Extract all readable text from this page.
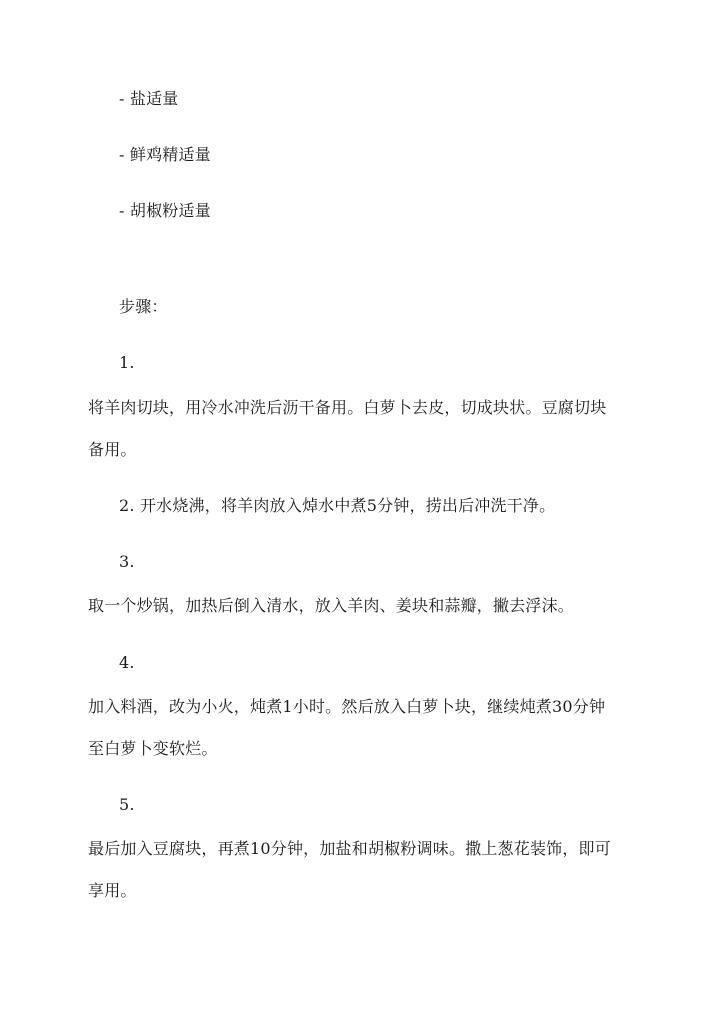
- 盐适量
- 鲜鸡精适量
- 胡椒粉适量
步骤：
1.
将羊肉切块，用冷水冲洗后沥干备用。白萝卜去皮，切成块状。豆腐切块
备用。
2. 开水烧沸，将羊肉放入焯水中煮5分钟，捞出后冲洗干净。
3.
取一个炒锅，加热后倒入清水，放入羊肉、姜块和蒜瓣，撇去浮沫。
4.
加入料酒，改为小火，炖煮1小时。然后放入白萝卜块，继续炖煮30分钟
至白萝卜变软烂。
5.
最后加入豆腐块，再煮10分钟，加盐和胡椒粉调味。撒上葱花装饰，即可
享用。
